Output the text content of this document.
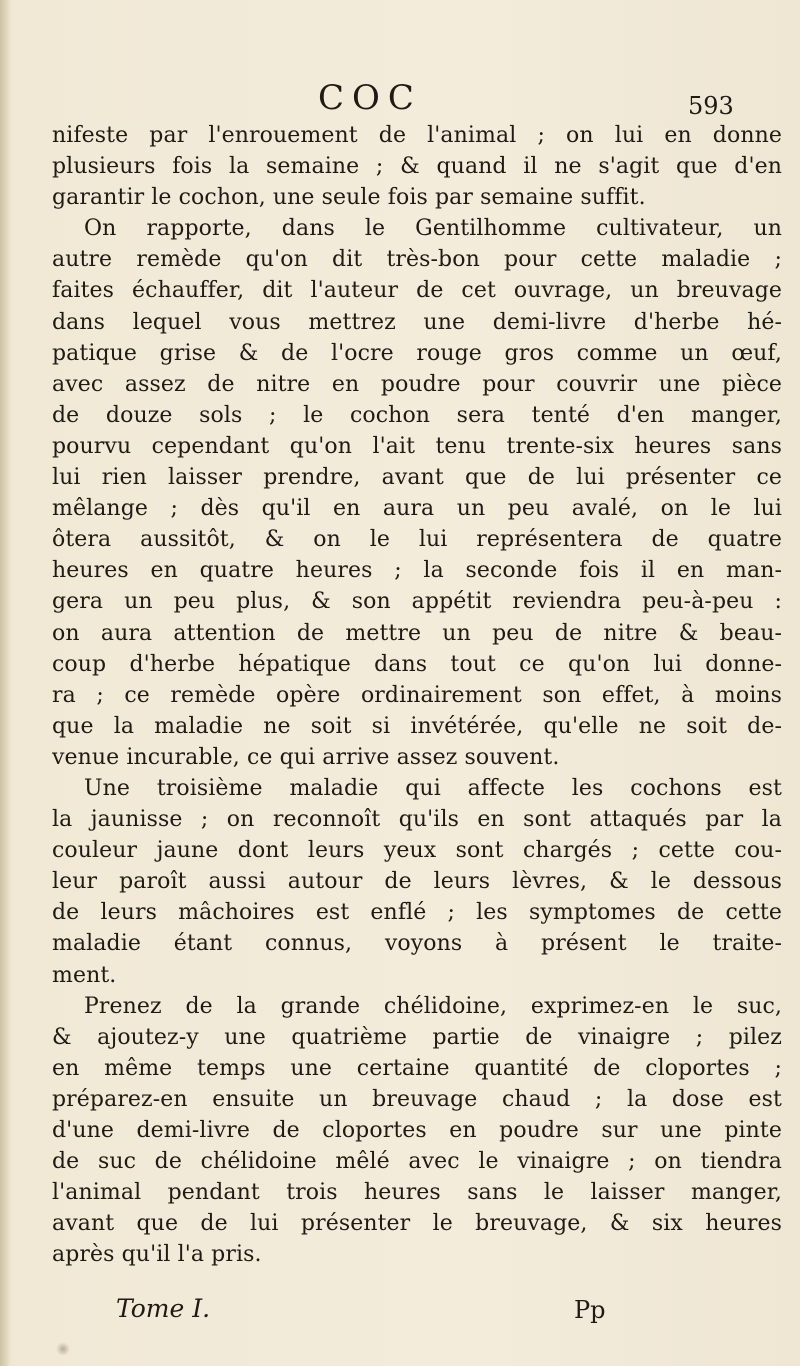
COC	593
nifeste par l'enrouement de l'animal ; on lui en donne
plusieurs fois la semaine ; & quand il ne s'agit que d'en
garantir le cochon, une seule fois par semaine suffit.
On rapporte, dans le Gentilhomme cultivateur, un
autre remède qu'on dit très-bon pour cette maladie ;
faites échauffer, dit l'auteur de cet ouvrage, un breuvage
dans lequel vous mettrez une demi-livre d'herbe hé-
patique grise & de l'ocre rouge gros comme un œuf,
avec assez de nitre en poudre pour couvrir une pièce
de douze sols ; le cochon sera tenté d'en manger,
pourvu cependant qu'on l'ait tenu trente-six heures sans
lui rien laisser prendre, avant que de lui présenter ce
mêlange ; dès qu'il en aura un peu avalé, on le lui
ôtera aussitôt, & on le lui représentera de quatre
heures en quatre heures ; la seconde fois il en man-
gera un peu plus, & son appétit reviendra peu-à-peu :
on aura attention de mettre un peu de nitre & beau-
coup d'herbe hépatique dans tout ce qu'on lui donne-
ra ; ce remède opère ordinairement son effet, à moins
que la maladie ne soit si invétérée, qu'elle ne soit de-
venue incurable, ce qui arrive assez souvent.
Une troisième maladie qui affecte les cochons est
la jaunisse ; on reconnoît qu'ils en sont attaqués par la
couleur jaune dont leurs yeux sont chargés ; cette cou-
leur paroît aussi autour de leurs lèvres, & le dessous
de leurs mâchoires est enflé ; les symptomes de cette
maladie étant connus, voyons à présent le traite-
ment.
Prenez de la grande chélidoine, exprimez-en le suc,
& ajoutez-y une quatrième partie de vinaigre ; pilez
en même temps une certaine quantité de cloportes ;
préparez-en ensuite un breuvage chaud ; la dose est
d'une demi-livre de cloportes en poudre sur une pinte
de suc de chélidoine mêlé avec le vinaigre ; on tiendra
l'animal pendant trois heures sans le laisser manger,
avant que de lui présenter le breuvage, & six heures
après qu'il l'a pris.
Tome I.	Pp
